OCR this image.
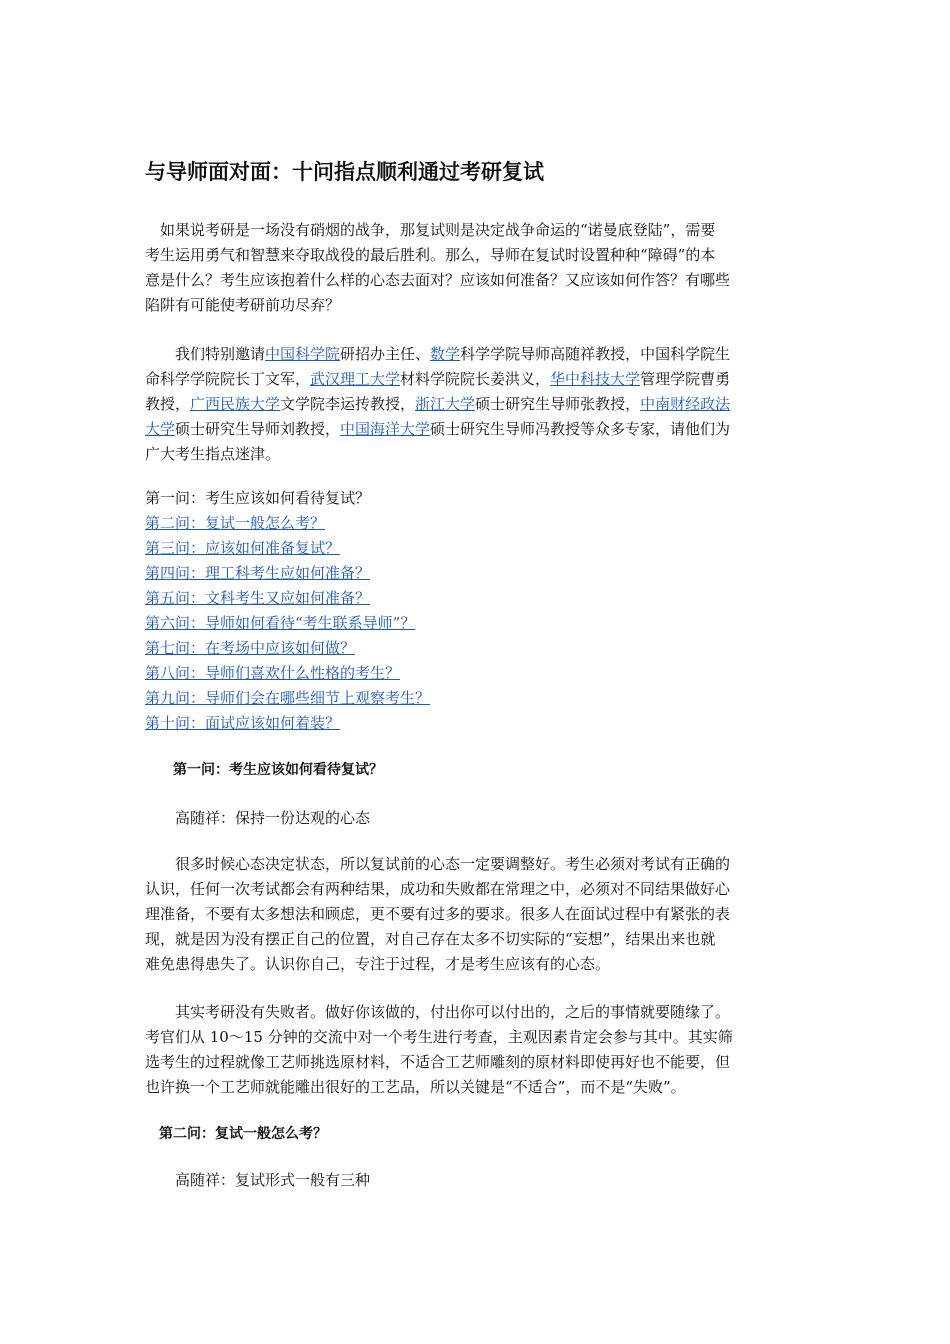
与导师面对面：十问指点顺利通过考研复试
　如果说考研是一场没有硝烟的战争，那复试则是决定战争命运的“诺曼底登陆”，需要
考生运用勇气和智慧来夺取战役的最后胜利。那么，导师在复试时设置种种“障碍”的本
意是什么？考生应该抱着什么样的心态去面对？应该如何准备？又应该如何作答？有哪些
陷阱有可能使考研前功尽弃？
　　我们特别邀请中国科学院研招办主任、数学科学学院导师高随祥教授，中国科学院生
命科学学院院长丁文军，武汉理工大学材料学院院长姜洪义，华中科技大学管理学院曹勇
教授，广西民族大学文学院李运抟教授，浙江大学硕士研究生导师张教授，中南财经政法
大学硕士研究生导师刘教授，中国海洋大学硕士研究生导师冯教授等众多专家，请他们为
广大考生指点迷津。
第一问：考生应该如何看待复试？
第二问：复试一般怎么考？
第三问：应该如何准备复试？
第四问：理工科考生应如何准备？
第五问：文科考生又应如何准备？
第六问：导师如何看待“考生联系导师”？
第七问：在考场中应该如何做？
第八问：导师们喜欢什么性格的考生？
第九问：导师们会在哪些细节上观察考生？
第十问：面试应该如何着装？
　　第一问：考生应该如何看待复试？
　　高随祥：保持一份达观的心态
　　很多时候心态决定状态，所以复试前的心态一定要调整好。考生必须对考试有正确的
认识，任何一次考试都会有两种结果，成功和失败都在常理之中，必须对不同结果做好心
理准备，不要有太多想法和顾虑，更不要有过多的要求。很多人在面试过程中有紧张的表
现，就是因为没有摆正自己的位置，对自己存在太多不切实际的“妄想”，结果出来也就
难免患得患失了。认识你自己，专注于过程，才是考生应该有的心态。
　　其实考研没有失败者。做好你该做的，付出你可以付出的，之后的事情就要随缘了。
考官们从 10～15 分钟的交流中对一个考生进行考查，主观因素肯定会参与其中。其实筛
选考生的过程就像工艺师挑选原材料，不适合工艺师雕刻的原材料即使再好也不能要，但
也许换一个工艺师就能雕出很好的工艺品，所以关键是“不适合”，而不是“失败”。
　第二问：复试一般怎么考？
　　高随祥：复试形式一般有三种
